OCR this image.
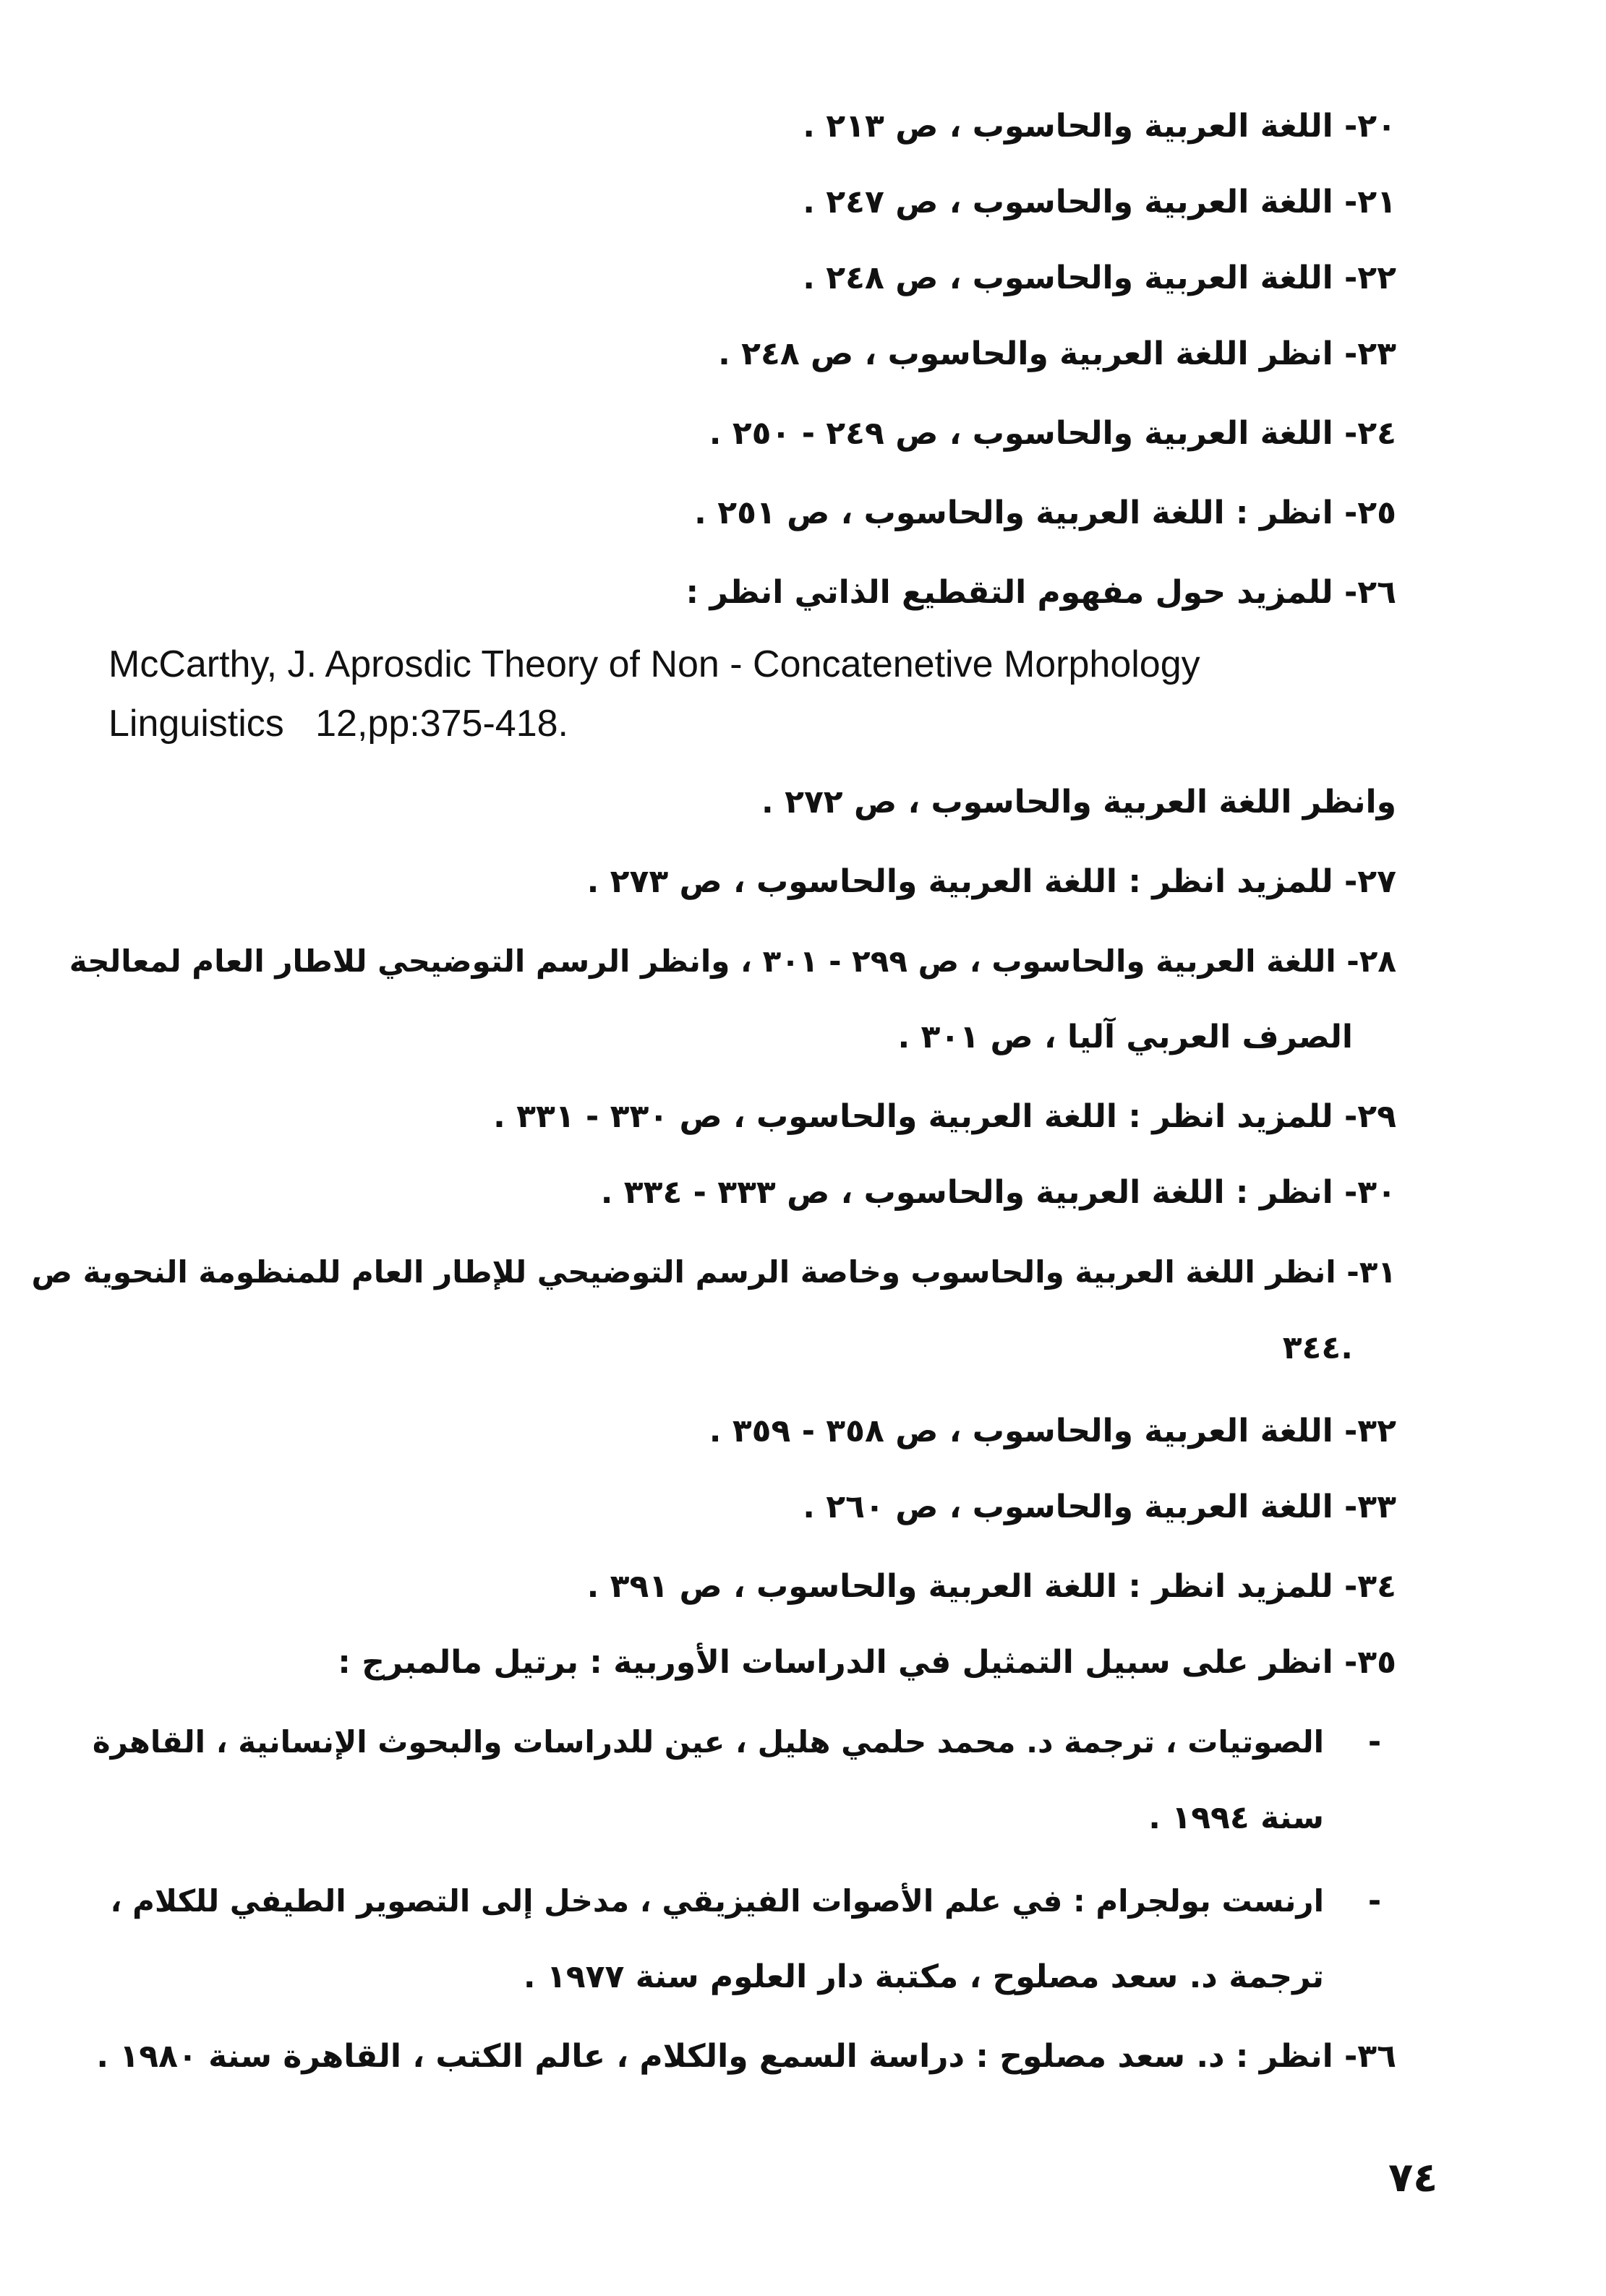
٢٠- اللغة العربية والحاسوب ، ص ٢١٣ .
٢١- اللغة العربية والحاسوب ، ص ٢٤٧ .
٢٢- اللغة العربية والحاسوب ، ص ٢٤٨ .
٢٣- انظر اللغة العربية والحاسوب ، ص ٢٤٨ .
٢٤- اللغة العربية والحاسوب ، ص ٢٤٩ - ٢٥٠ .
٢٥- انظر : اللغة العربية والحاسوب ، ص ٢٥١ .
٢٦- للمزيد حول مفهوم التقطيع الذاتي انظر :
McCarthy, J. Aprosdic Theory of Non - Concatenetive Morphology
Linguistics   12,pp:375-418.
وانظر اللغة العربية والحاسوب ، ص ٢٧٢ .
٢٧- للمزيد انظر : اللغة العربية والحاسوب ، ص ٢٧٣ .
٢٨- اللغة العربية والحاسوب ، ص ٢٩٩ - ٣٠١ ، وانظر الرسم التوضيحي للاطار العام لمعالجة
الصرف العربي آليا ، ص ٣٠١ .
٢٩- للمزيد انظر : اللغة العربية والحاسوب ، ص ٣٣٠ - ٣٣١ .
٣٠- انظر : اللغة العربية والحاسوب ، ص ٣٣٣ - ٣٣٤ .
٣١- انظر اللغة العربية والحاسوب وخاصة الرسم التوضيحي للإطار العام للمنظومة النحوية ص
٣٤٤.
٣٢- اللغة العربية والحاسوب ، ص ٣٥٨ - ٣٥٩ .
٣٣- اللغة العربية والحاسوب ، ص ٢٦٠ .
٣٤- للمزيد انظر : اللغة العربية والحاسوب ، ص ٣٩١ .
٣٥- انظر على سبيل التمثيل في الدراسات الأوربية : برتيل مالمبرج :
-
الصوتيات ، ترجمة د. محمد حلمي هليل ، عين للدراسات والبحوث الإنسانية ، القاهرة
سنة ١٩٩٤ .
-
ارنست بولجرام : في علم الأصوات الفيزيقي ، مدخل إلى التصوير الطيفي للكلام ،
ترجمة د. سعد مصلوح ، مكتبة دار العلوم سنة ١٩٧٧ .
٣٦- انظر : د. سعد مصلوح : دراسة السمع والكلام ، عالم الكتب ، القاهرة سنة ١٩٨٠ .
٧٤
